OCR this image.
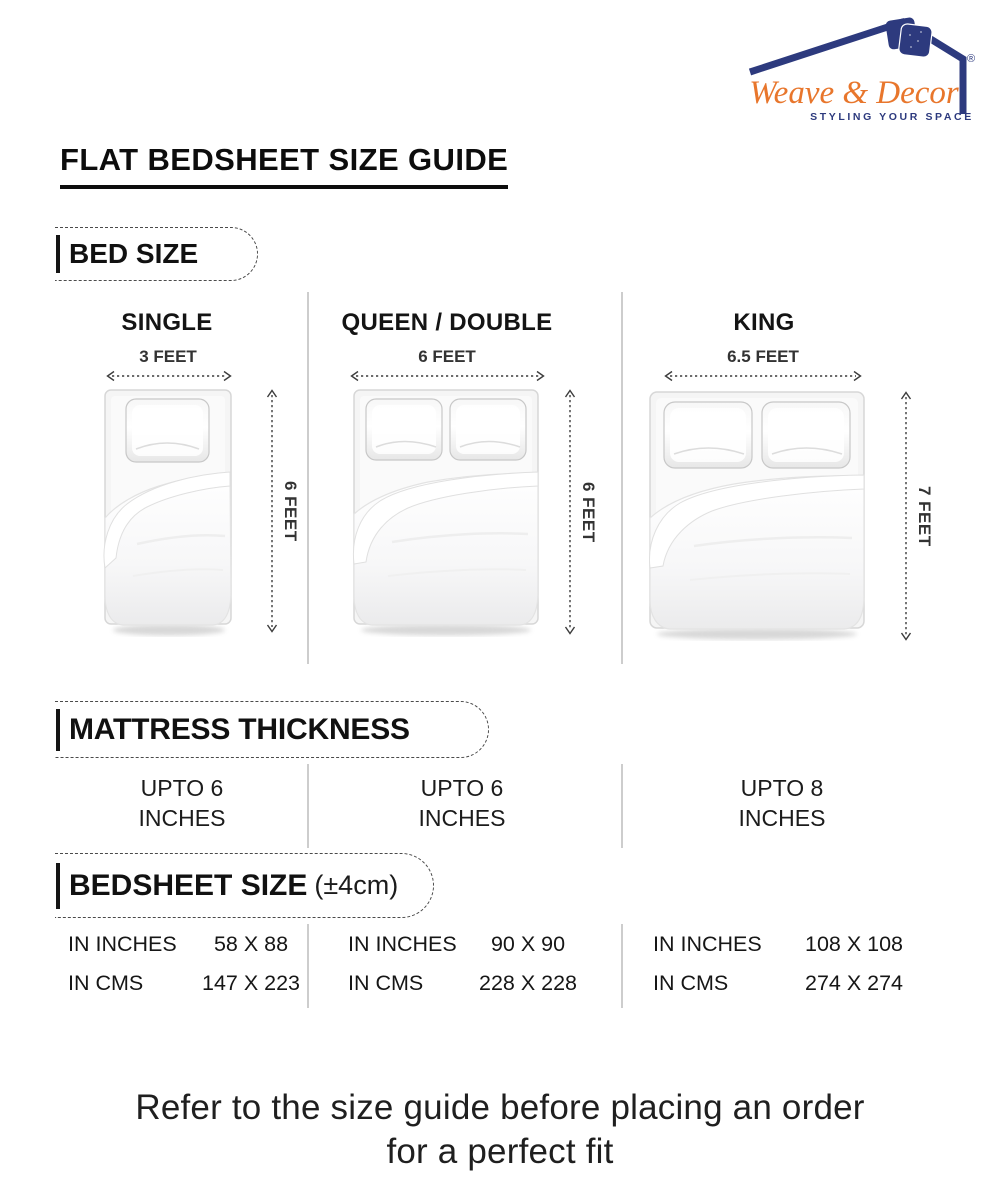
®
Weave & Decor
STYLING YOUR SPACE
FLAT BEDSHEET SIZE GUIDE
BED SIZE
SINGLE	QUEEN / DOUBLE	KING
3 FEET	6 FEET	6.5 FEET
6 FEET	6 FEET	7 FEET
MATTRESS THICKNESS
UPTO 6
INCHES
UPTO 6
INCHES
UPTO 8
INCHES
BEDSHEET SIZE (±4cm)
IN INCHES	58 X 88
IN CMS	147 X 223
IN INCHES	90 X 90
IN CMS	228 X 228
IN INCHES	108 X 108
IN CMS	274 X 274
Refer to the size guide before placing an order
for a perfect fit
